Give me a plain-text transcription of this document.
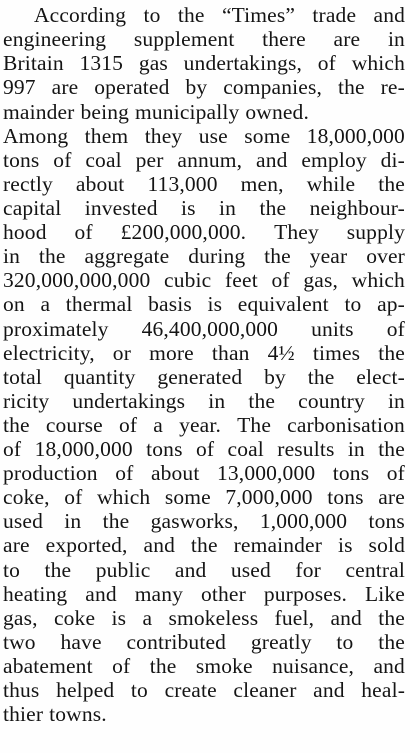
According to the “Times” trade and
engineering supplement there are in
Britain 1315 gas undertakings, of which
997 are operated by companies, the re-
mainder being municipally owned.
Among them they use some 18,000,000
tons of coal per annum, and employ di-
rectly about 113,000 men, while the
capital invested is in the neighbour-
hood of £200,000,000. They supply
in the aggregate during the year over
320,000,000,000 cubic feet of gas, which
on a thermal basis is equivalent to ap-
proximately 46,400,000,000 units of
electricity, or more than 4½ times the
total quantity generated by the elect-
ricity undertakings in the country in
the course of a year. The carbonisation
of 18,000,000 tons of coal results in the
production of about 13,000,000 tons of
coke, of which some 7,000,000 tons are
used in the gasworks, 1,000,000 tons
are exported, and the remainder is sold
to the public and used for central
heating and many other purposes. Like
gas, coke is a smokeless fuel, and the
two have contributed greatly to the
abatement of the smoke nuisance, and
thus helped to create cleaner and heal-
thier towns.
